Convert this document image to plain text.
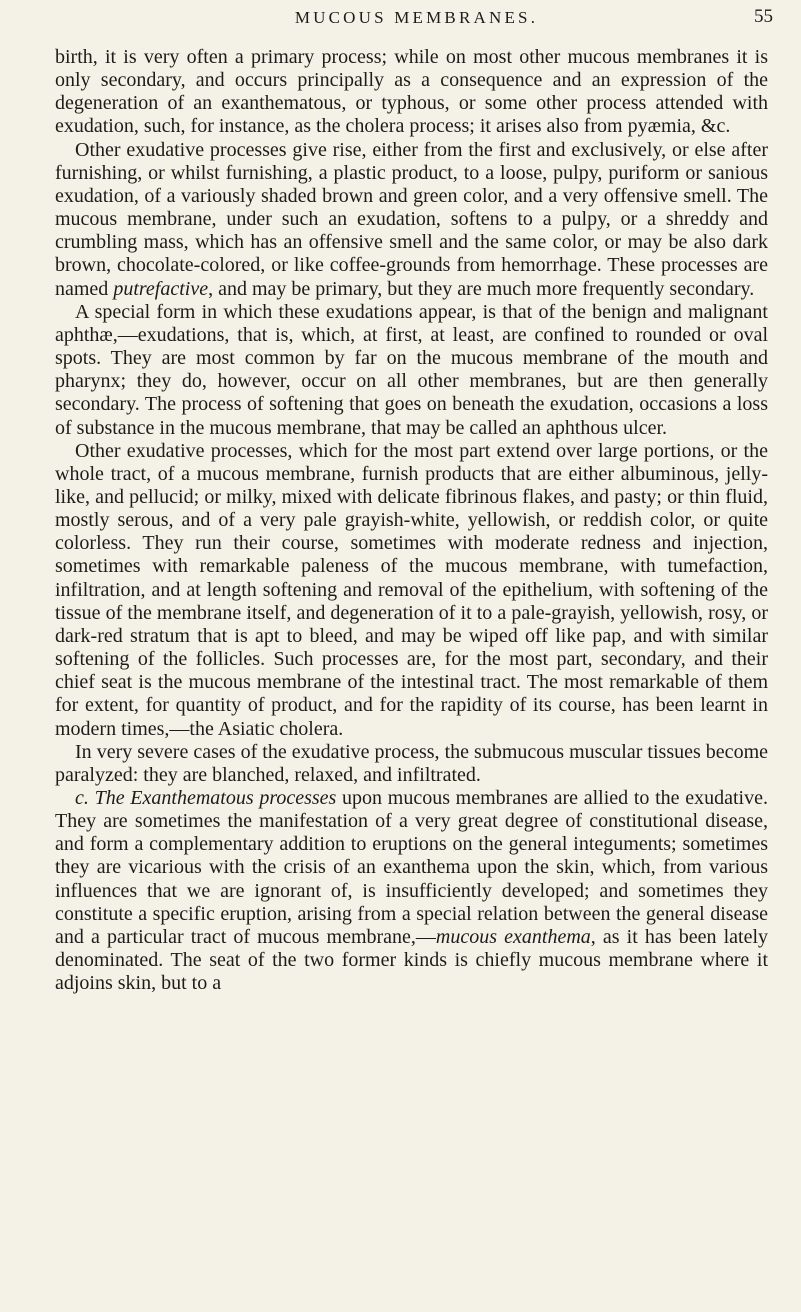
MUCOUS MEMBRANES.	55

birth, it is very often a primary process; while on most other mucous membranes it is only secondary, and occurs principally as a consequence and an expression of the degeneration of an exanthematous, or typhous, or some other process attended with exudation, such, for instance, as the cholera process; it arises also from pyæmia, &c.

Other exudative processes give rise, either from the first and exclusively, or else after furnishing, or whilst furnishing, a plastic product, to a loose, pulpy, puriform or sanious exudation, of a variously shaded brown and green color, and a very offensive smell. The mucous membrane, under such an exudation, softens to a pulpy, or a shreddy and crumbling mass, which has an offensive smell and the same color, or may be also dark brown, chocolate-colored, or like coffee-grounds from hemorrhage. These processes are named putrefactive, and may be primary, but they are much more frequently secondary.

A special form in which these exudations appear, is that of the benign and malignant aphthæ,—exudations, that is, which, at first, at least, are confined to rounded or oval spots. They are most common by far on the mucous membrane of the mouth and pharynx; they do, however, occur on all other membranes, but are then generally secondary. The process of softening that goes on beneath the exudation, occasions a loss of substance in the mucous membrane, that may be called an aphthous ulcer.

Other exudative processes, which for the most part extend over large portions, or the whole tract, of a mucous membrane, furnish products that are either albuminous, jelly-like, and pellucid; or milky, mixed with delicate fibrinous flakes, and pasty; or thin fluid, mostly serous, and of a very pale grayish-white, yellowish, or reddish color, or quite colorless. They run their course, sometimes with moderate redness and injection, sometimes with remarkable paleness of the mucous membrane, with tumefaction, infiltration, and at length softening and removal of the epithelium, with softening of the tissue of the membrane itself, and degeneration of it to a pale-grayish, yellowish, rosy, or dark-red stratum that is apt to bleed, and may be wiped off like pap, and with similar softening of the follicles. Such processes are, for the most part, secondary, and their chief seat is the mucous membrane of the intestinal tract. The most remarkable of them for extent, for quantity of product, and for the rapidity of its course, has been learnt in modern times,—the Asiatic cholera.

In very severe cases of the exudative process, the submucous muscular tissues become paralyzed: they are blanched, relaxed, and infiltrated.

c. The Exanthematous processes upon mucous membranes are allied to the exudative. They are sometimes the manifestation of a very great degree of constitutional disease, and form a complementary addition to eruptions on the general integuments; sometimes they are vicarious with the crisis of an exanthema upon the skin, which, from various influences that we are ignorant of, is insufficiently developed; and sometimes they constitute a specific eruption, arising from a special relation between the general disease and a particular tract of mucous membrane,—mucous exanthema, as it has been lately denominated. The seat of the two former kinds is chiefly mucous membrane where it adjoins skin, but to a
